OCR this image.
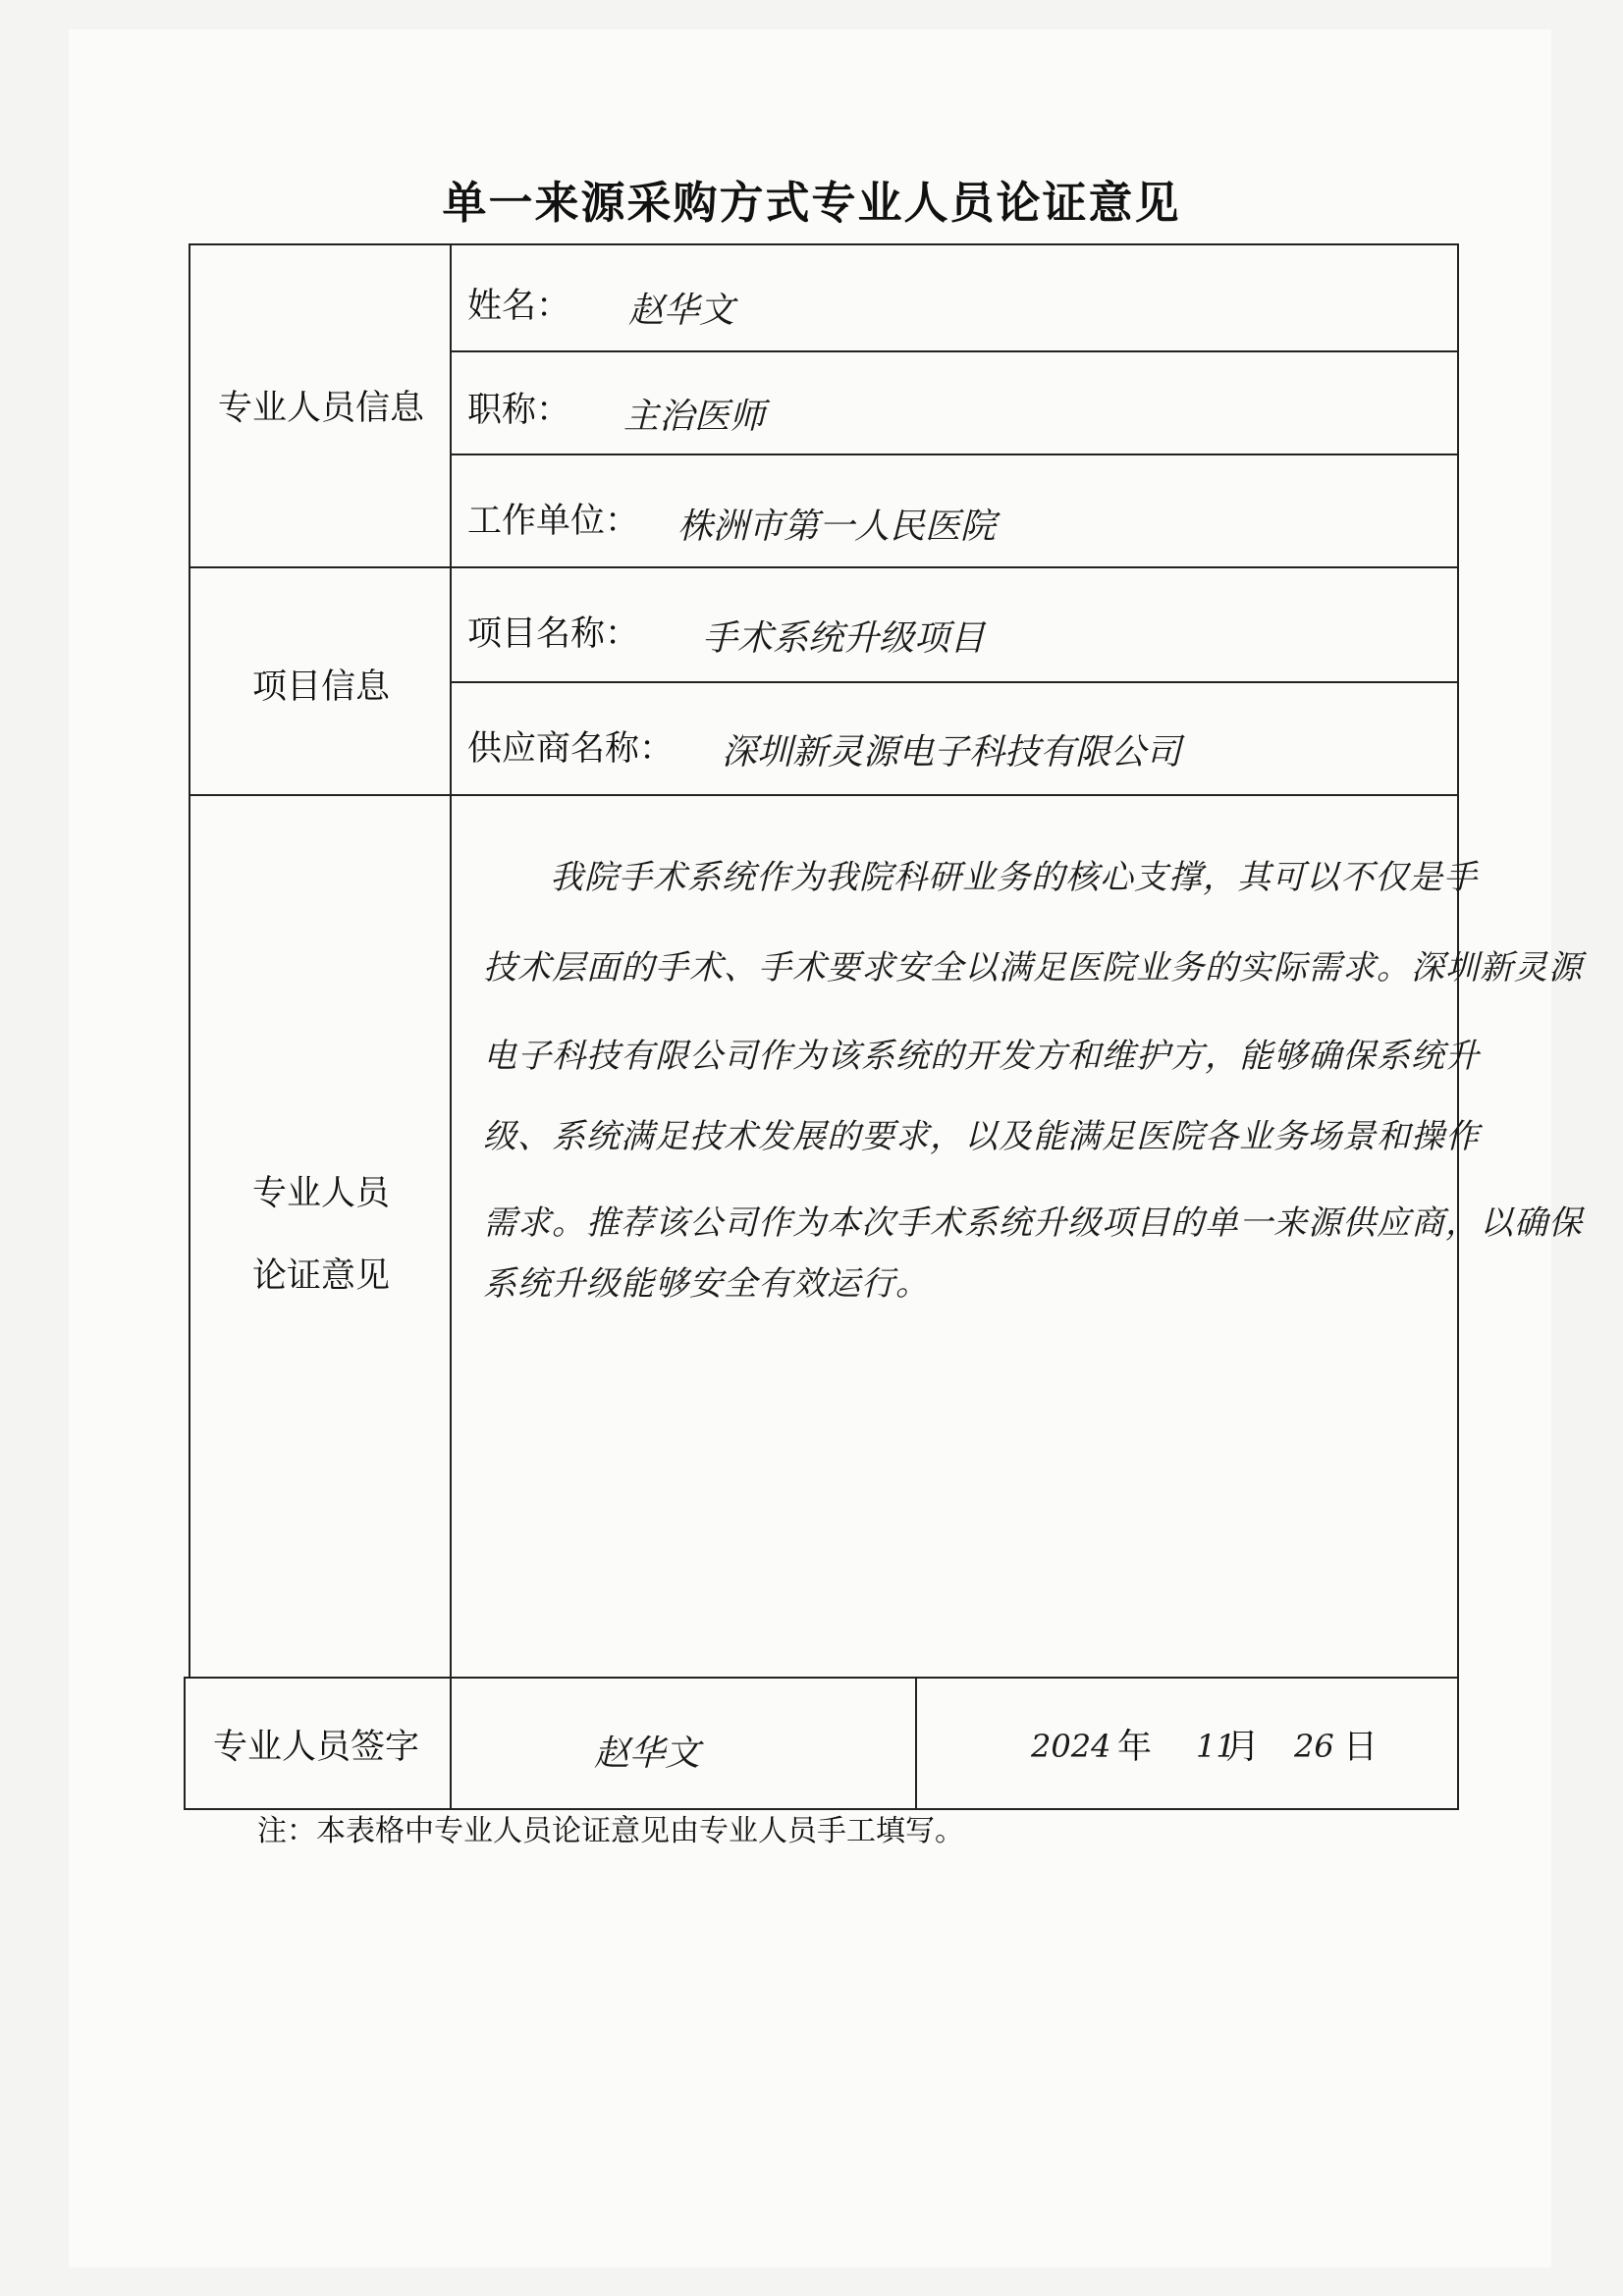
单一来源采购方式专业人员论证意见
专业人员信息
项目信息
专业人员
论证意见
专业人员签字
姓名： 赵华文
职称： 主治医师
工作单位： 株洲市第一人民医院
项目名称： 手术系统升级项目
供应商名称： 深圳新灵源电子科技有限公司
我院手术系统作为我院科研业务的核心支撑，其可以不仅是手
技术层面的手术、手术要求安全以满足医院业务的实际需求。深圳新灵源
电子科技有限公司作为该系统的开发方和维护方，能够确保系统升
级、系统满足技术发展的要求，以及能满足医院各业务场景和操作
需求。推荐该公司作为本次手术系统升级项目的单一来源供应商，以确保
系统升级能够安全有效运行。
赵华文	2024 年 11
月 26 日
注：本表格中专业人员论证意见由专业人员手工填写。
